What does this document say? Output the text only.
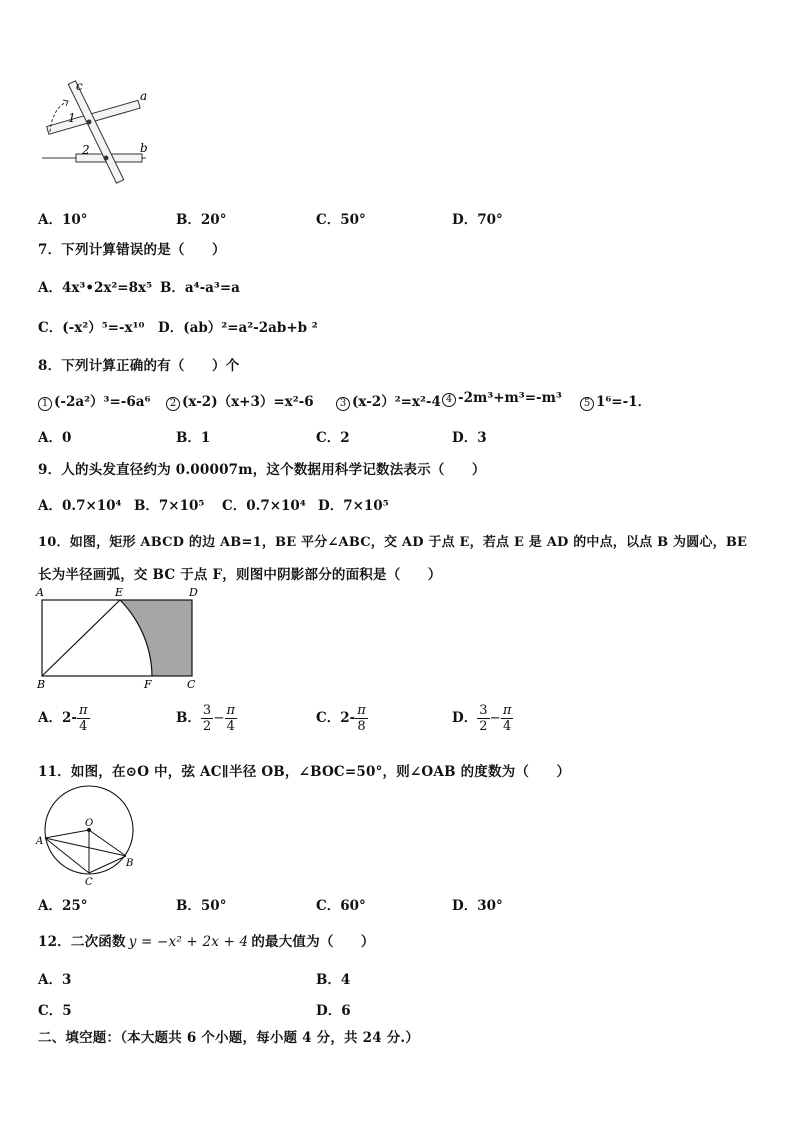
c
a
b
1
2
A．10°	B．20°	C．50°	D．70°
7．下列计算错误的是（　　）
A．4x³•2x²=8x⁵ B．a⁴-a³=a
C．(-x²）⁵=-x¹⁰ D．(ab）²=a²-2ab+b ²
8．下列计算正确的有（　　）个
1 (-2a²）³=-6a⁶	2 (x-2)（x+3）=x²-6	3 (x-2）²=x²-4 4 -2m³+m³=-m³	5 1⁶=-1．
A．0	B．1	C．2	D．3
9．人的头发直径约为 0.00007m，这个数据用科学记数法表示（　　）
A．0.7×10⁴ B．7×10⁵ C．0.7×10⁴ D．7×10⁵
10．如图，矩形 ABCD 的边 AB=1，BE 平分∠ABC，交 AD 于点 E，若点 E 是 AD 的中点，以点 B 为圆心，BE
长为半径画弧，交 BC 于点 F，则图中阴影部分的面积是（　　）
A	E	D
B	F	C
A．$2- \frac{\pi}{4}$	B． $\frac{3}{2} - \frac{\pi}{4}$	C．$2- \frac{\pi}{8}$	D． $\frac{3}{2} - \frac{\pi}{4}$
11．如图，在⊙O 中，弦 AC∥半径 OB，∠BOC=50°，则∠OAB 的度数为（　　）
O
A
B
C
A．25°	B．50°	C．60°	D．30°
12．二次函数 y = −x² + 2x + 4 的最大值为（　　）
A．3	B．4
C．5	D．6
二、填空题：（本大题共 6 个小题，每小题 4 分，共 24 分.）
